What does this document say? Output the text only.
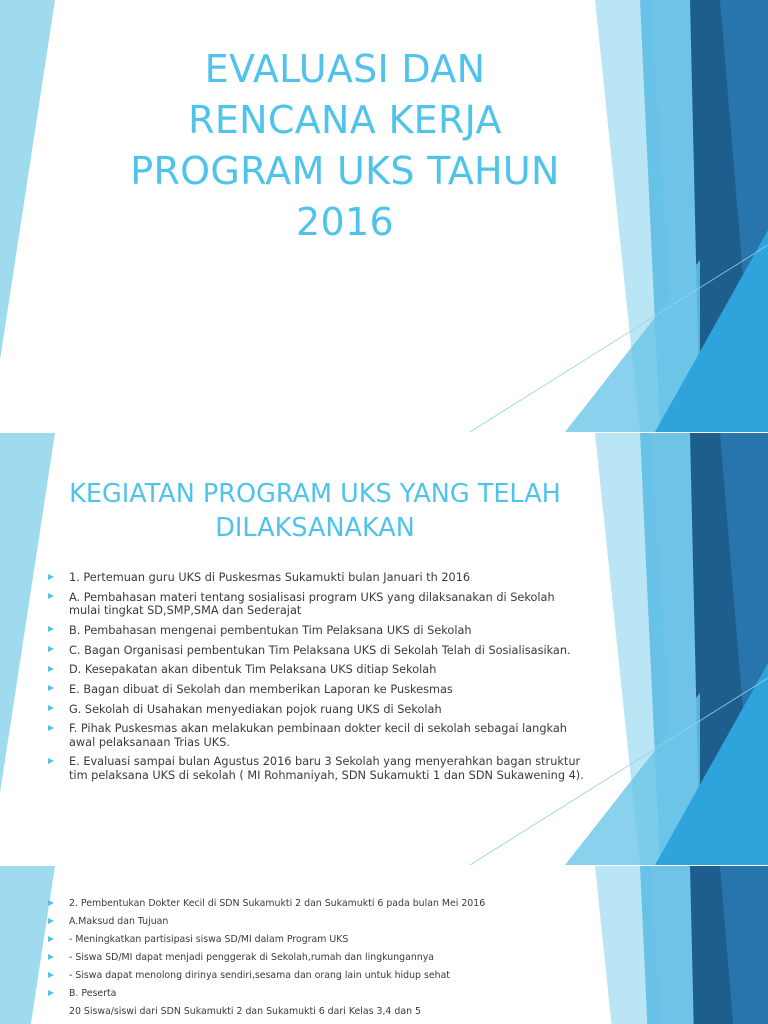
EVALUASI DAN RENCANA KERJA PROGRAM UKS TAHUN 2016
KEGIATAN PROGRAM UKS YANG TELAH DILAKSANAKAN
1. Pertemuan guru UKS di Puskesmas Sukamukti bulan Januari th 2016
A. Pembahasan materi tentang sosialisasi program UKS yang dilaksanakan di Sekolah mulai tingkat SD,SMP,SMA dan Sederajat
B. Pembahasan mengenai pembentukan Tim Pelaksana UKS di Sekolah
C. Bagan Organisasi pembentukan Tim Pelaksana UKS di Sekolah Telah di Sosialisasikan.
D. Kesepakatan akan dibentuk Tim Pelaksana UKS ditiap Sekolah
E. Bagan dibuat di Sekolah dan memberikan Laporan ke Puskesmas
G. Sekolah di Usahakan menyediakan pojok ruang UKS di Sekolah
F. Pihak Puskesmas akan melakukan pembinaan dokter kecil di sekolah sebagai langkah awal pelaksanaan Trias UKS.
E. Evaluasi sampai bulan Agustus 2016 baru 3 Sekolah yang menyerahkan bagan struktur tim pelaksana UKS di sekolah ( MI Rohmaniyah, SDN Sukamukti 1 dan SDN Sukawening 4).
2. Pembentukan Dokter Kecil di SDN Sukamukti 2 dan Sukamukti 6 pada bulan Mei 2016
A.Maksud dan Tujuan
- Meningkatkan partisipasi siswa SD/MI dalam Program UKS
- Siswa SD/MI dapat menjadi penggerak di Sekolah,rumah dan lingkungannya
- Siswa dapat menolong dirinya sendiri,sesama dan orang lain untuk hidup sehat
B. Peserta
20 Siswa/siswi dari SDN Sukamukti 2 dan Sukamukti 6 dari Kelas 3,4 dan 5
